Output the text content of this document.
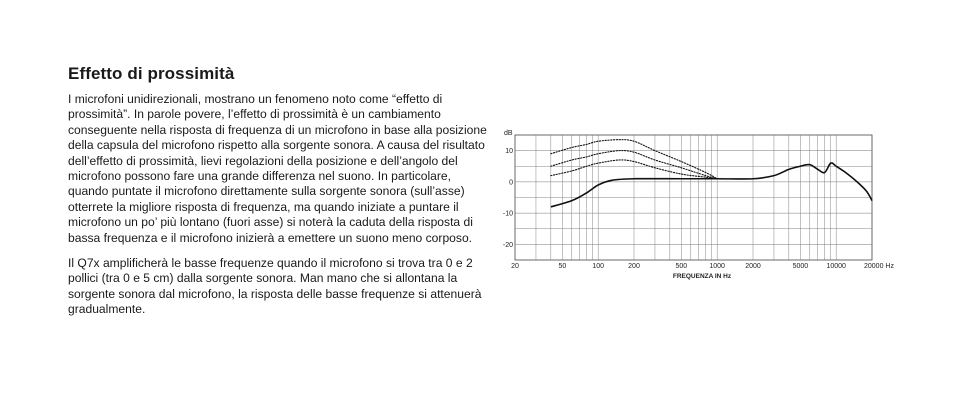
Effetto di prossimità

I microfoni unidirezionali, mostrano un fenomeno noto come “effetto di prossimità”. In parole povere, l’effetto di prossimità è un cambiamento conseguente nella risposta di frequenza di un microfono in base alla posizione della capsula del microfono rispetto alla sorgente sonora. A causa del risultato dell’effetto di prossimità, lievi regolazioni della posizione e dell’angolo del microfono possono fare una grande differenza nel suono. In particolare, quando puntate il microfono direttamente sulla sorgente sonora (sull’asse) otterrete la migliore risposta di frequenza, ma quando iniziate a puntare il microfono un po’ più lontano (fuori asse) si noterà la caduta della risposta di bassa frequenza e il microfono inizierà a emettere un suono meno corposo.

Il Q7x amplificherà le basse frequenze quando il microfono si trova tra 0 e 2 pollici (tra 0 e 5 cm) dalla sorgente sonora. Man mano che si allontana la sorgente sonora dal microfono, la risposta delle basse frequenze si attenuerà gradualmente.

20	50	100	200	500	1000	2000	5000	10000	20000 Hz
10
0
-10
-20
dB
FREQUENZA IN Hz
